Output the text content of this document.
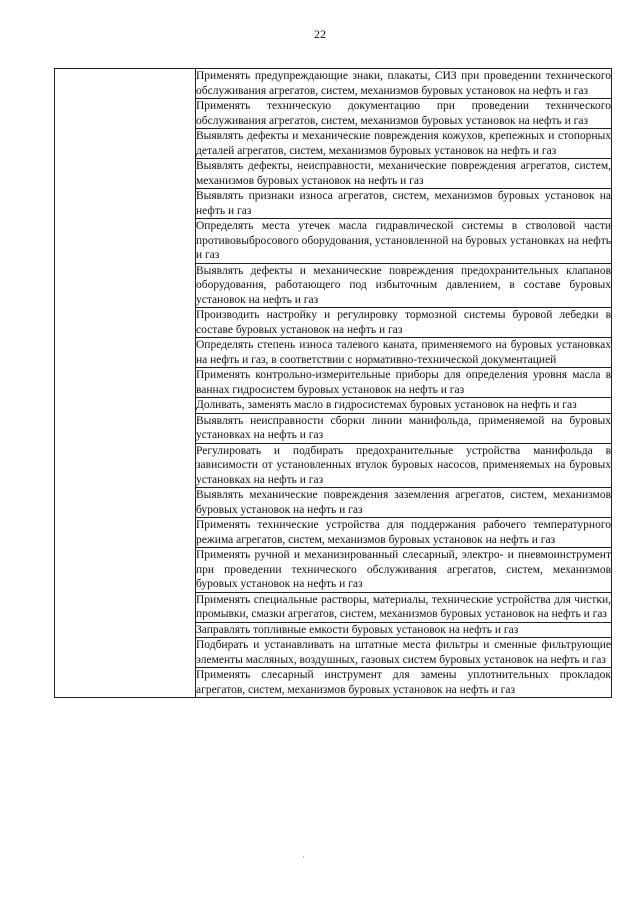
22
	Применять предупреждающие знаки, плакаты, СИЗ при проведении технического обслуживания агрегатов, систем, механизмов буровых установок на нефть и газ
Применять техническую документацию при проведении технического обслуживания агрегатов, систем, механизмов буровых установок на нефть и газ
Выявлять дефекты и механические повреждения кожухов, крепежных и стопорных деталей агрегатов, систем, механизмов буровых установок на нефть и газ
Выявлять дефекты, неисправности, механические повреждения агрегатов, систем, механизмов буровых установок на нефть и газ
Выявлять признаки износа агрегатов, систем, механизмов буровых установок на нефть и газ
Определять места утечек масла гидравлической системы в стволовой части противовыбросового оборудования, установленной на буровых установках на нефть и газ
Выявлять дефекты и механические повреждения предохранительных клапанов оборудования, работающего под избыточным давлением, в составе буровых установок на нефть и газ
Производить настройку и регулировку тормозной системы буровой лебедки в составе буровых установок на нефть и газ
Определять степень износа талевого каната, применяемого на буровых установках на нефть и газ, в соответствии с нормативно-технической документацией
Применять контрольно-измерительные приборы для определения уровня масла в ваннах гидросистем буровых установок на нефть и газ
Доливать, заменять масло в гидросистемах буровых установок на нефть и газ
Выявлять неисправности сборки линии манифольда, применяемой на буровых установках на нефть и газ
Регулировать и подбирать предохранительные устройства манифольда в зависимости от установленных втулок буровых насосов, применяемых на буровых установках на нефть и газ
Выявлять механические повреждения заземления агрегатов, систем, механизмов буровых установок на нефть и газ
Применять технические устройства для поддержания рабочего температурного режима агрегатов, систем, механизмов буровых установок на нефть и газ
Применять ручной и механизированный слесарный, электро- и пневмоинструмент при проведении технического обслуживания агрегатов, систем, механизмов буровых установок на нефть и газ
Применять специальные растворы, материалы, технические устройства для чистки, промывки, смазки агрегатов, систем, механизмов буровых установок на нефть и газ
Заправлять топливные емкости буровых установок на нефть и газ
Подбирать и устанавливать на штатные места фильтры и сменные фильтрующие элементы масляных, воздушных, газовых систем буровых установок на нефть и газ
Применять слесарный инструмент для замены уплотнительных прокладок агрегатов, систем, механизмов буровых установок на нефть и газ
·
